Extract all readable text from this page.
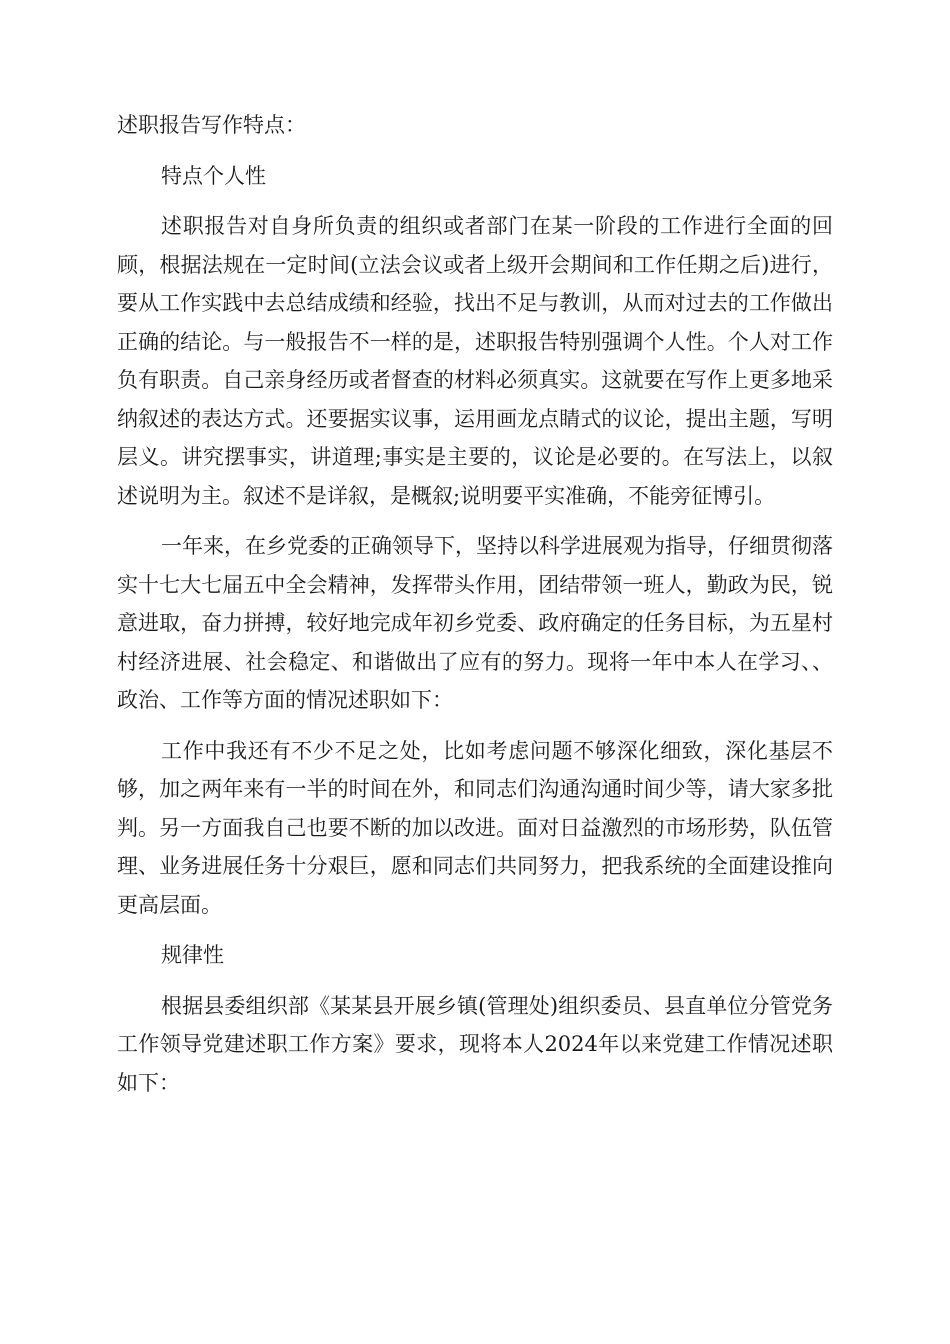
述职报告写作特点：

特点个人性

述职报告对自身所负责的组织或者部门在某一阶段的工作进行全面的回顾，根据法规在一定时间(立法会议或者上级开会期间和工作任期之后)进行，要从工作实践中去总结成绩和经验，找出不足与教训，从而对过去的工作做出正确的结论。与一般报告不一样的是，述职报告特别强调个人性。个人对工作负有职责。自己亲身经历或者督查的材料必须真实。这就要在写作上更多地采纳叙述的表达方式。还要据实议事，运用画龙点睛式的议论，提出主题，写明层义。讲究摆事实，讲道理;事实是主要的，议论是必要的。在写法上，以叙述说明为主。叙述不是详叙，是概叙;说明要平实准确，不能旁征博引。

一年来，在乡党委的正确领导下，坚持以科学进展观为指导，仔细贯彻落实十七大七届五中全会精神，发挥带头作用，团结带领一班人，勤政为民，锐意进取，奋力拼搏，较好地完成年初乡党委、政府确定的任务目标，为五星村村经济进展、社会稳定、和谐做出了应有的努力。现将一年中本人在学习、、政治、工作等方面的情况述职如下：

工作中我还有不少不足之处，比如考虑问题不够深化细致，深化基层不够，加之两年来有一半的时间在外，和同志们沟通沟通时间少等，请大家多批判。另一方面我自己也要不断的加以改进。面对日益激烈的市场形势，队伍管理、业务进展任务十分艰巨，愿和同志们共同努力，把我系统的全面建设推向更高层面。

规律性

根据县委组织部《某某县开展乡镇(管理处)组织委员、县直单位分管党务工作领导党建述职工作方案》要求，现将本人2024年以来党建工作情况述职如下：
